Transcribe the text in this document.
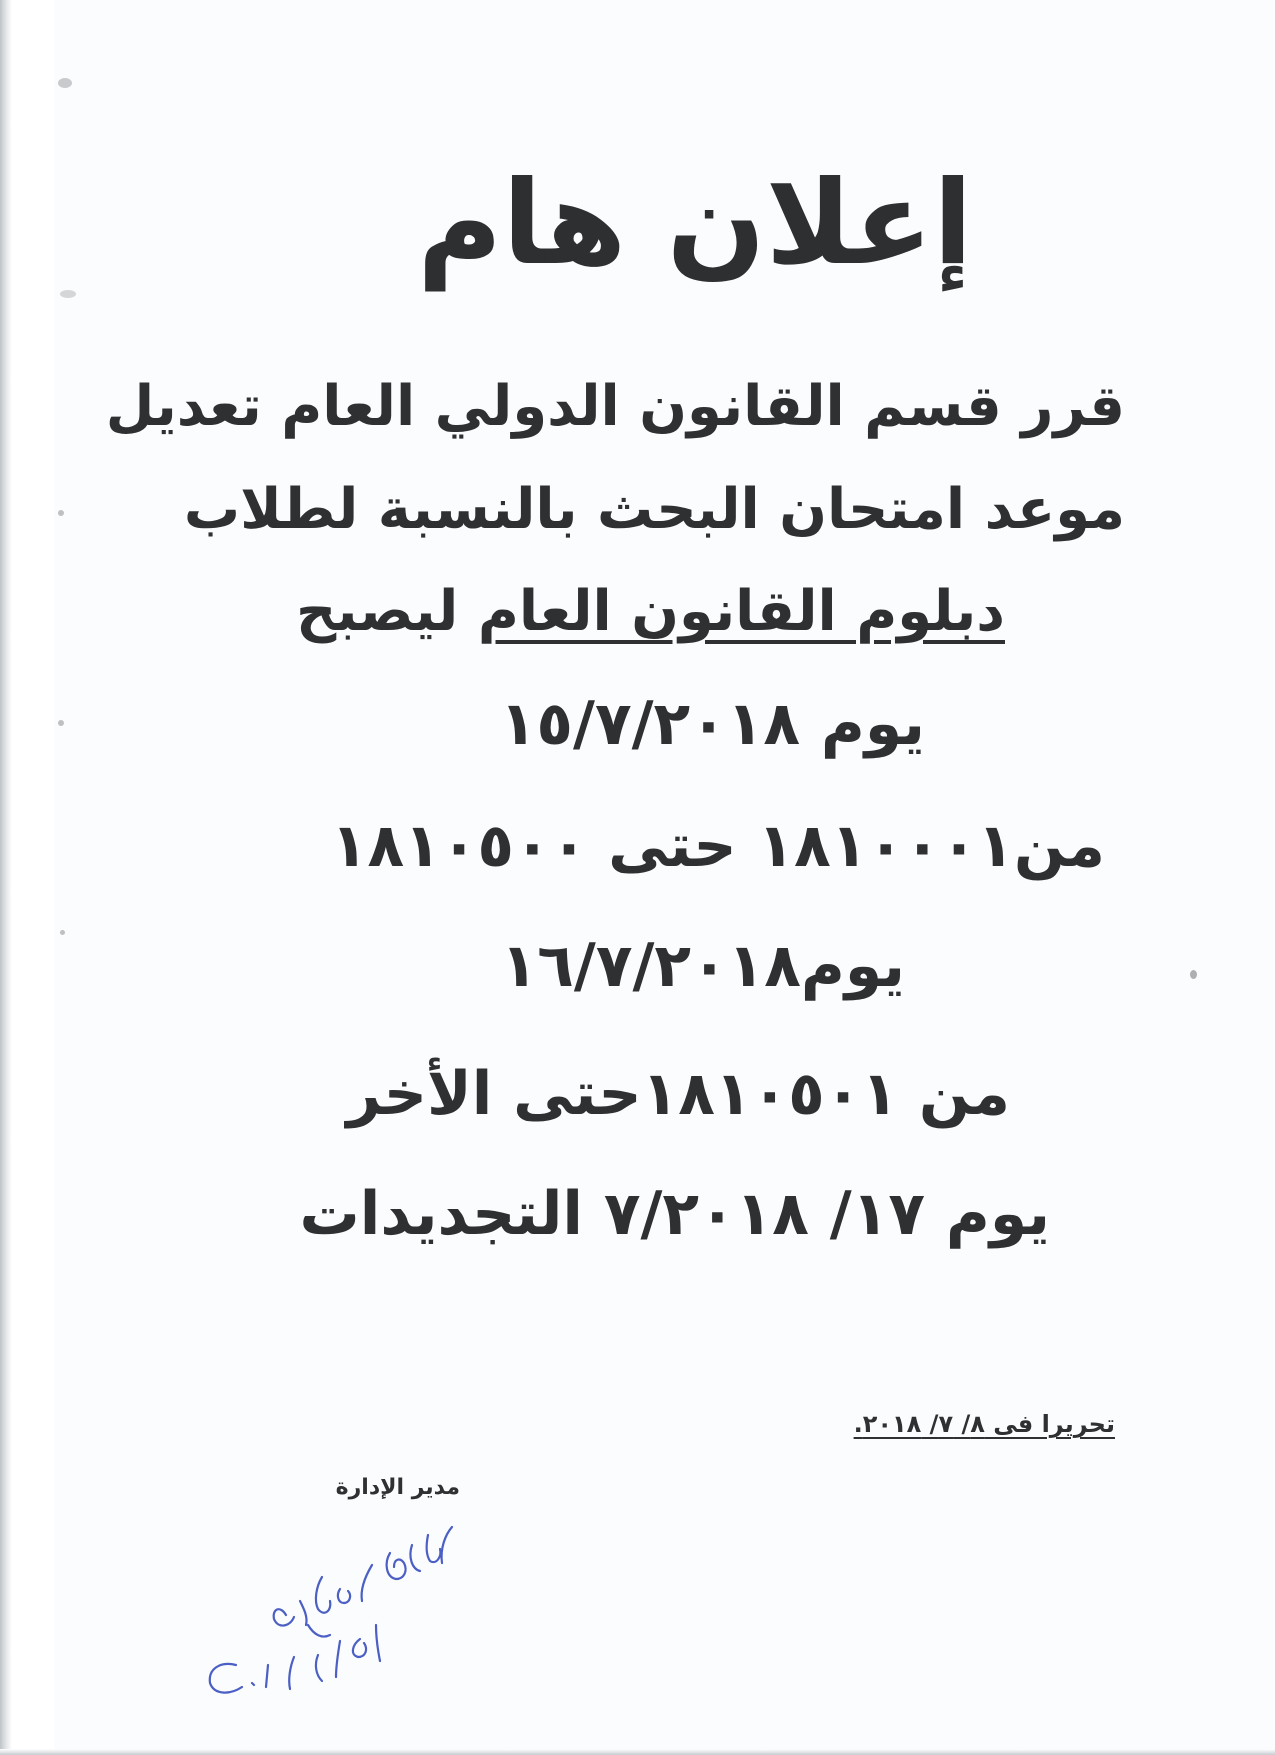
إعلان هام
قرر قسم القانون الدولي العام تعديل
موعد امتحان البحث بالنسبة لطلاب
دبلوم القانون العام ليصبح
يوم ١٥/٧/٢٠١٨
من١٨١٠٠٠١ حتى ١٨١٠٥٠٠
يوم١٦/٧/٢٠١٨
من ١٨١٠٥٠١حتى الأخر
يوم ١٧/ ٧/٢٠١٨ التجديدات
تحريرا فى ٨/ ٧/ ٢٠١٨.
مدير الإدارة
